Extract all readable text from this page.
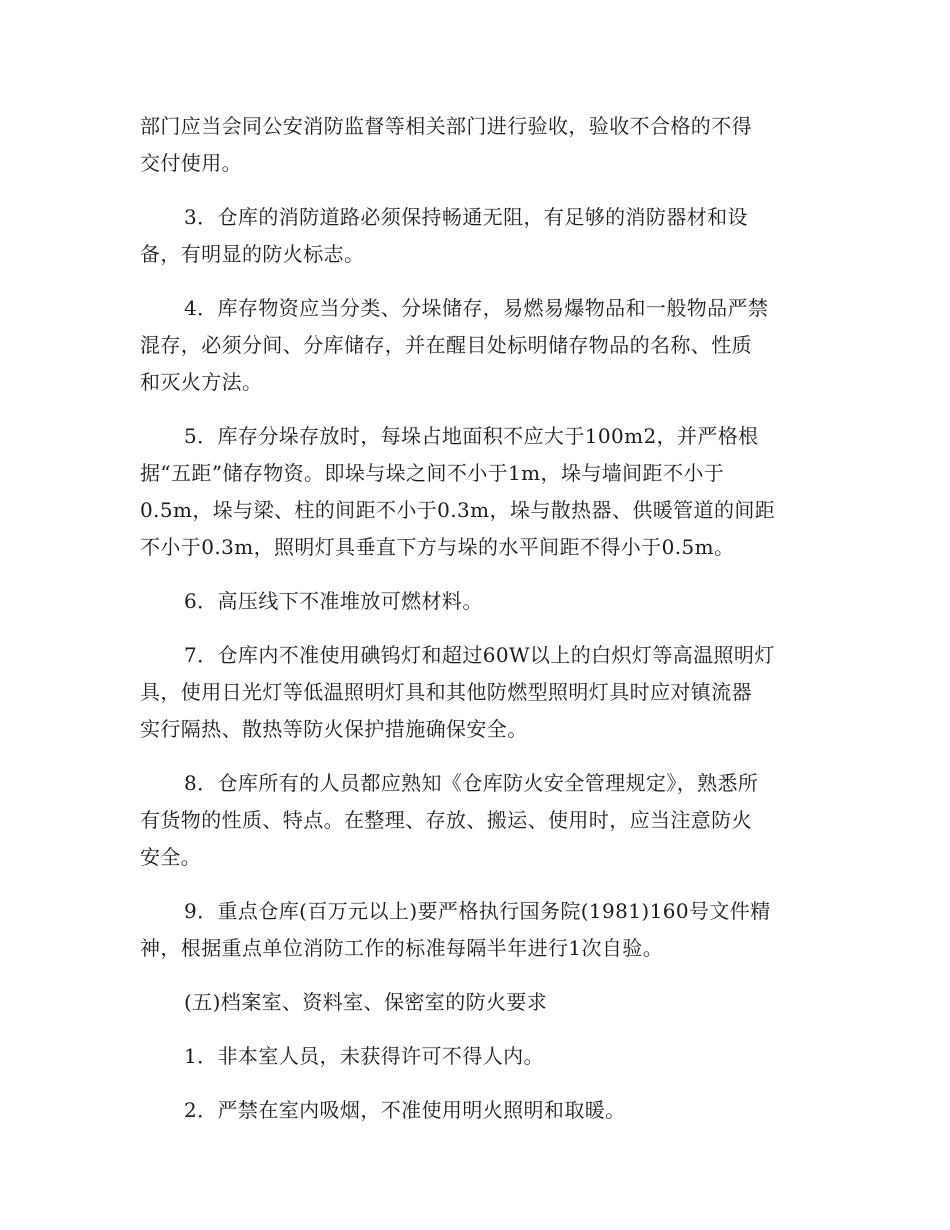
部门应当会同公安消防监督等相关部门进行验收，验收不合格的不得
交付使用。

3．仓库的消防道路必须保持畅通无阻，有足够的消防器材和设
备，有明显的防火标志。

4．库存物资应当分类、分垛储存，易燃易爆物品和一般物品严禁
混存，必须分间、分库储存，并在醒目处标明储存物品的名称、性质
和灭火方法。

5．库存分垛存放时，每垛占地面积不应大于100m2，并严格根
据“五距”储存物资。即垛与垛之间不小于1m，垛与墙间距不小于
0.5m，垛与梁、柱的间距不小于0.3m，垛与散热器、供暖管道的间距
不小于0.3m，照明灯具垂直下方与垛的水平间距不得小于0.5m。

6．高压线下不准堆放可燃材料。

7．仓库内不准使用碘钨灯和超过60W以上的白炽灯等高温照明灯
具，使用日光灯等低温照明灯具和其他防燃型照明灯具时应对镇流器
实行隔热、散热等防火保护措施确保安全。

8．仓库所有的人员都应熟知《仓库防火安全管理规定》，熟悉所
有货物的性质、特点。在整理、存放、搬运、使用时，应当注意防火
安全。

9．重点仓库(百万元以上)要严格执行国务院(1981)160号文件精
神，根据重点单位消防工作的标准每隔半年进行1次自验。

(五)档案室、资料室、保密室的防火要求

1．非本室人员，未获得许可不得人内。

2．严禁在室内吸烟，不准使用明火照明和取暖。
